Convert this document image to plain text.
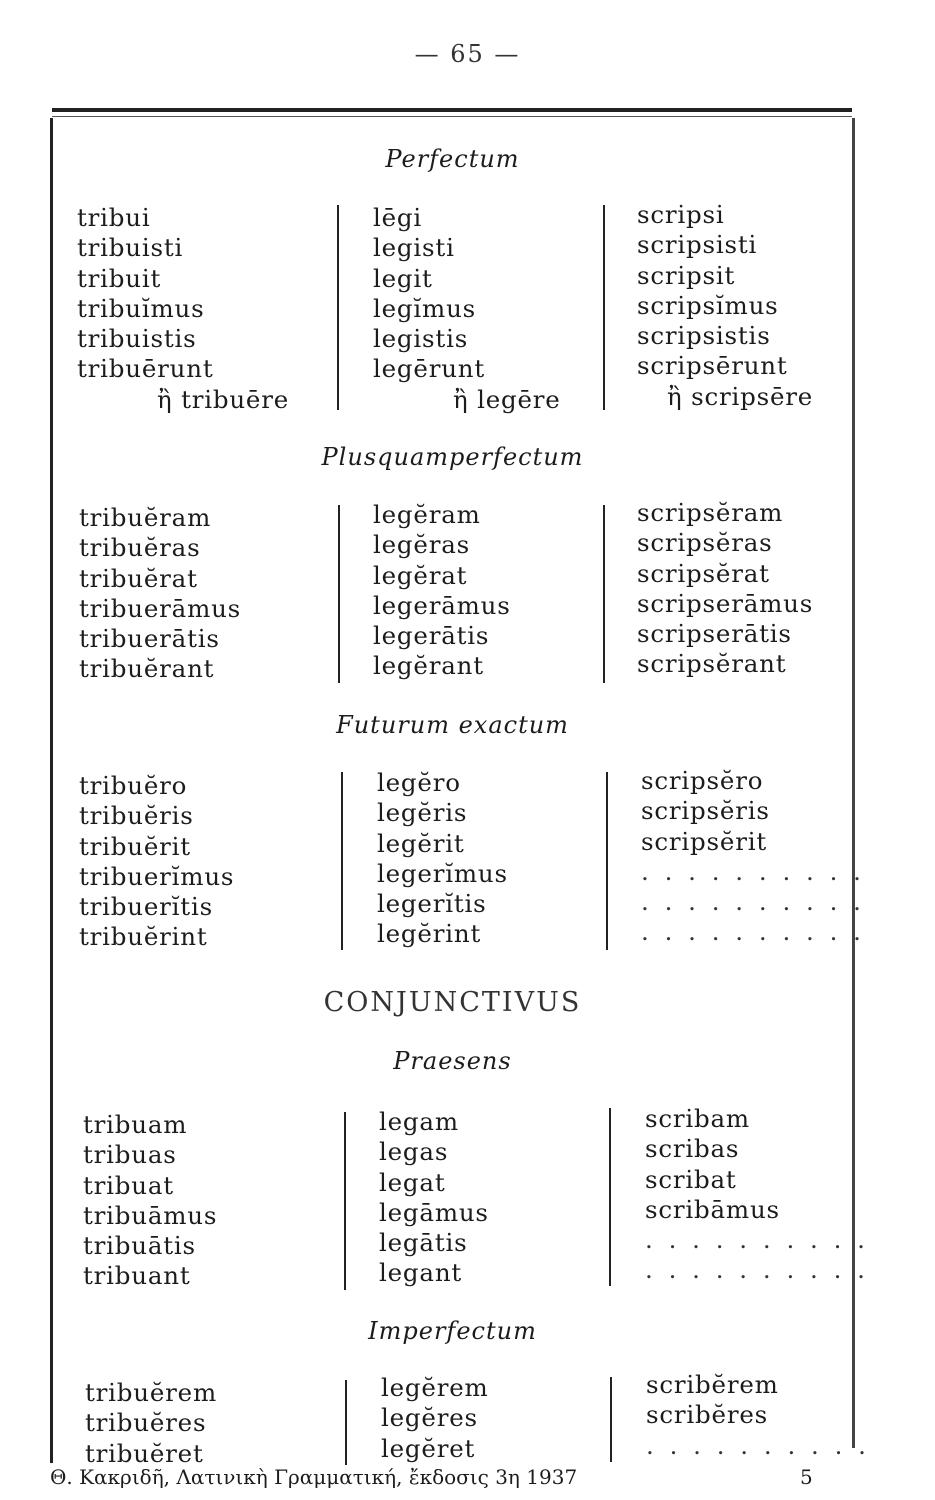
— 65 —
Perfectum
tribui
tribuisti
tribuit
tribuĭmus
tribuistis
tribuērunt
ἢ tribuēre
lēgi
legisti
legit
legĭmus
legistis
legērunt
ἢ legēre
scripsi
scripsisti
scripsit
scripsĭmus
scripsistis
scripsērunt
ἢ scripsēre
Plusquamperfectum
tribuĕram
tribuĕras
tribuĕrat
tribuerāmus
tribuerātis
tribuĕrant
legĕram
legĕras
legĕrat
legerāmus
legerātis
legĕrant
scripsĕram
scripsĕras
scripsĕrat
scripserāmus
scripserātis
scripsĕrant
Futurum exactum
tribuĕro
tribuĕris
tribuĕrit
tribuerĭmus
tribuerĭtis
tribuĕrint
legĕro
legĕris
legĕrit
legerĭmus
legerĭtis
legĕrint
scripsĕro
scripsĕris
scripsĕrit
. . . . . . . . . .
. . . . . . . . . .
. . . . . . . . . .
CONJUNCTIVUS
Praesens
tribuam
tribuas
tribuat
tribuāmus
tribuātis
tribuant
legam
legas
legat
legāmus
legātis
legant
scribam
scribas
scribat
scribāmus
. . . . . . . . . .
. . . . . . . . . .
Imperfectum
tribuĕrem
tribuĕres
tribuĕret
legĕrem
legĕres
legĕret
scribĕrem
scribĕres
. . . . . . . . . .
Θ. Κακριδῆ, Λατινικὴ Γραμματική, ἔκδοσις 3η 1937	5
